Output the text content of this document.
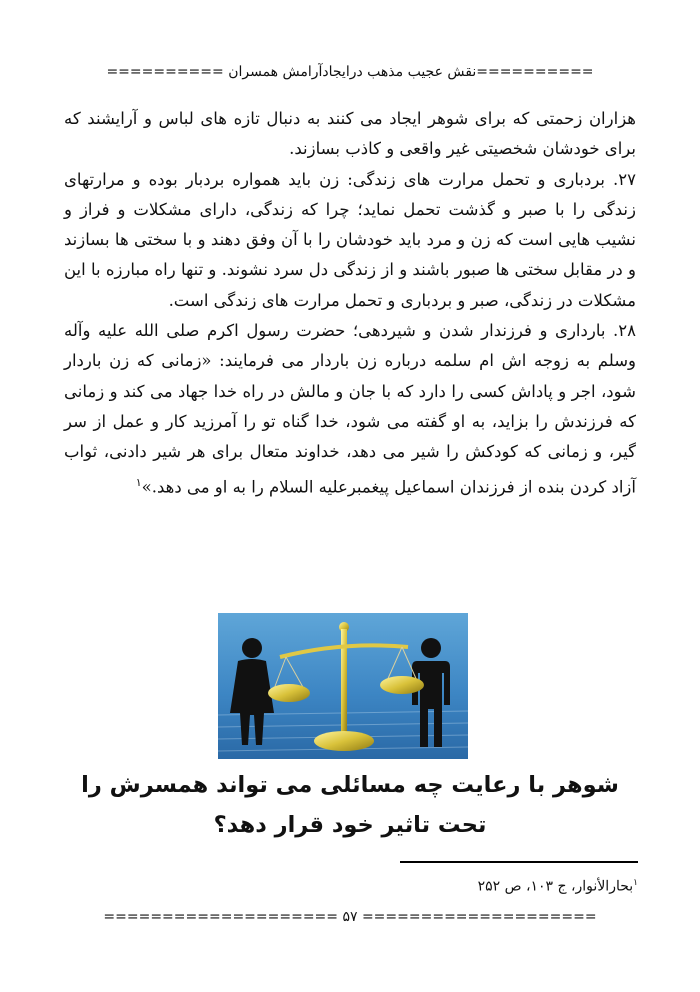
==========نقش عجیب مذهب درایجادآرامش همسران ==========

هزاران زحمتی که برای شوهر ایجاد می کنند به دنبال تازه های لباس و آرایشند که برای خودشان شخصیتی غیر واقعی و کاذب بسازند.

۲۷. بردباری و تحمل مرارت های زندگی: زن باید همواره بردبار بوده و مرارتهای زندگی را با صبر و گذشت تحمل نماید؛ چرا که زندگی، دارای مشکلات و فراز و نشیب هایی است که زن و مرد باید خودشان را با آن وفق دهند و با سختی ها بسازند و در مقابل سختی ها صبور باشند و از زندگی دل سرد نشوند. و تنها راه مبارزه با این مشکلات در زندگی، صبر و بردباری و تحمل مرارت های زندگی است.

۲۸. بارداری و فرزندار شدن و شیردهی؛ حضرت رسول اکرم صلی الله علیه وآله وسلم به زوجه اش ام سلمه درباره زن باردار می فرمایند: «زمانی که زن باردار شود، اجر و پاداش کسی را دارد که با جان و مالش در راه خدا جهاد می کند و زمانی که فرزندش را بزاید، به او گفته می شود، خدا گناه تو را آمرزید کار و عمل از سر گیر، و زمانی که کودکش را شیر می دهد، خداوند متعال برای هر شیر دادنی، ثواب آزاد کردن بنده از فرزندان اسماعیل پیغمبرعلیه السلام را به او می دهد.»$^۱$

شوهر با رعایت چه مسائلی می تواند همسرش را تحت تاثیر خود قرار دهد؟
$^۱$بحارالأنوار، ج ۱۰۳، ص ۲۵۲
==================== ۵۷ ====================
